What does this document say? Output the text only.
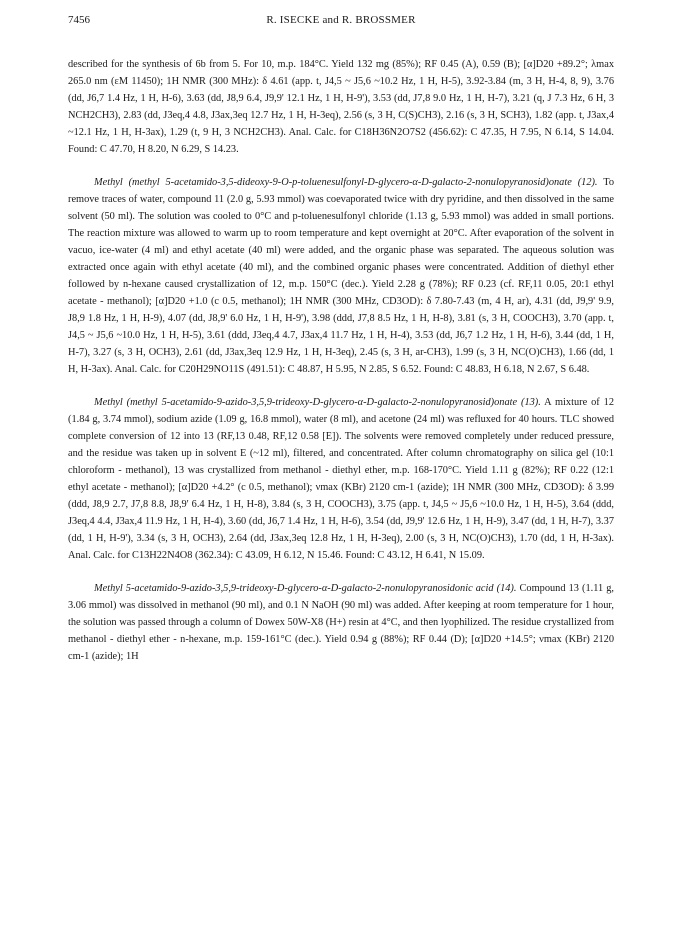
7456	R. ISECKE and R. BROSSMER

described for the synthesis of 6b from 5. For 10, m.p. 184°C. Yield 132 mg (85%); RF 0.45 (A), 0.59 (B); [α]D20 +89.2°; λmax 265.0 nm (εM 11450); 1H NMR (300 MHz): δ 4.61 (app. t, J4,5 ~ J5,6 ~10.2 Hz, 1 H, H-5), 3.92-3.84 (m, 3 H, H-4, 8, 9), 3.76 (dd, J6,7 1.4 Hz, 1 H, H-6), 3.63 (dd, J8,9 6.4, J9,9' 12.1 Hz, 1 H, H-9'), 3.53 (dd, J7,8 9.0 Hz, 1 H, H-7), 3.21 (q, J 7.3 Hz, 6 H, 3 NCH2CH3), 2.83 (dd, J3eq,4 4.8, J3ax,3eq 12.7 Hz, 1 H, H-3eq), 2.56 (s, 3 H, C(S)CH3), 2.16 (s, 3 H, SCH3), 1.82 (app. t, J3ax,4 ~12.1 Hz, 1 H, H-3ax), 1.29 (t, 9 H, 3 NCH2CH3). Anal. Calc. for C18H36N2O7S2 (456.62): C 47.35, H 7.95, N 6.14, S 14.04. Found: C 47.70, H 8.20, N 6.29, S 14.23.

Methyl (methyl 5-acetamido-3,5-dideoxy-9-O-p-toluenesulfonyl-D-glycero-α-D-galacto-2-nonulopyranosid)onate (12). To remove traces of water, compound 11 (2.0 g, 5.93 mmol) was coevaporated twice with dry pyridine, and then dissolved in the same solvent (50 ml). The solution was cooled to 0°C and p-toluenesulfonyl chloride (1.13 g, 5.93 mmol) was added in small portions. The reaction mixture was allowed to warm up to room temperature and kept overnight at 20°C. After evaporation of the solvent in vacuo, ice-water (4 ml) and ethyl acetate (40 ml) were added, and the organic phase was separated. The aqueous solution was extracted once again with ethyl acetate (40 ml), and the combined organic phases were concentrated. Addition of diethyl ether followed by n-hexane caused crystallization of 12, m.p. 150°C (dec.). Yield 2.28 g (78%); RF 0.23 (cf. RF,11 0.05, 20:1 ethyl acetate - methanol); [α]D20 +1.0 (c 0.5, methanol); 1H NMR (300 MHz, CD3OD): δ 7.80-7.43 (m, 4 H, ar), 4.31 (dd, J9,9' 9.9, J8,9 1.8 Hz, 1 H, H-9), 4.07 (dd, J8,9' 6.0 Hz, 1 H, H-9'), 3.98 (ddd, J7,8 8.5 Hz, 1 H, H-8), 3.81 (s, 3 H, COOCH3), 3.70 (app. t, J4,5 ~ J5,6 ~10.0 Hz, 1 H, H-5), 3.61 (ddd, J3eq,4 4.7, J3ax,4 11.7 Hz, 1 H, H-4), 3.53 (dd, J6,7 1.2 Hz, 1 H, H-6), 3.44 (dd, 1 H, H-7), 3.27 (s, 3 H, OCH3), 2.61 (dd, J3ax,3eq 12.9 Hz, 1 H, H-3eq), 2.45 (s, 3 H, ar-CH3), 1.99 (s, 3 H, NC(O)CH3), 1.66 (dd, 1 H, H-3ax). Anal. Calc. for C20H29NO11S (491.51): C 48.87, H 5.95, N 2.85, S 6.52. Found: C 48.83, H 6.18, N 2.67, S 6.48.

Methyl (methyl 5-acetamido-9-azido-3,5,9-trideoxy-D-glycero-α-D-galacto-2-nonulopyranosid)onate (13). A mixture of 12 (1.84 g, 3.74 mmol), sodium azide (1.09 g, 16.8 mmol), water (8 ml), and acetone (24 ml) was refluxed for 40 hours. TLC showed complete conversion of 12 into 13 (RF,13 0.48, RF,12 0.58 [E]). The solvents were removed completely under reduced pressure, and the residue was taken up in solvent E (~12 ml), filtered, and concentrated. After column chromatography on silica gel (10:1 chloroform - methanol), 13 was crystallized from methanol - diethyl ether, m.p. 168-170°C. Yield 1.11 g (82%); RF 0.22 (12:1 ethyl acetate - methanol); [α]D20 +4.2° (c 0.5, methanol); νmax (KBr) 2120 cm-1 (azide); 1H NMR (300 MHz, CD3OD): δ 3.99 (ddd, J8,9 2.7, J7,8 8.8, J8,9' 6.4 Hz, 1 H, H-8), 3.84 (s, 3 H, COOCH3), 3.75 (app. t, J4,5 ~ J5,6 ~10.0 Hz, 1 H, H-5), 3.64 (ddd, J3eq,4 4.4, J3ax,4 11.9 Hz, 1 H, H-4), 3.60 (dd, J6,7 1.4 Hz, 1 H, H-6), 3.54 (dd, J9,9' 12.6 Hz, 1 H, H-9), 3.47 (dd, 1 H, H-7), 3.37 (dd, 1 H, H-9'), 3.34 (s, 3 H, OCH3), 2.64 (dd, J3ax,3eq 12.8 Hz, 1 H, H-3eq), 2.00 (s, 3 H, NC(O)CH3), 1.70 (dd, 1 H, H-3ax). Anal. Calc. for C13H22N4O8 (362.34): C 43.09, H 6.12, N 15.46. Found: C 43.12, H 6.41, N 15.09.

Methyl 5-acetamido-9-azido-3,5,9-trideoxy-D-glycero-α-D-galacto-2-nonulopyranosidonic acid (14). Compound 13 (1.11 g, 3.06 mmol) was dissolved in methanol (90 ml), and 0.1 N NaOH (90 ml) was added. After keeping at room temperature for 1 hour, the solution was passed through a column of Dowex 50W-X8 (H+) resin at 4°C, and then lyophilized. The residue crystallized from methanol - diethyl ether - n-hexane, m.p. 159-161°C (dec.). Yield 0.94 g (88%); RF 0.44 (D); [α]D20 +14.5°; νmax (KBr) 2120 cm-1 (azide); 1H
